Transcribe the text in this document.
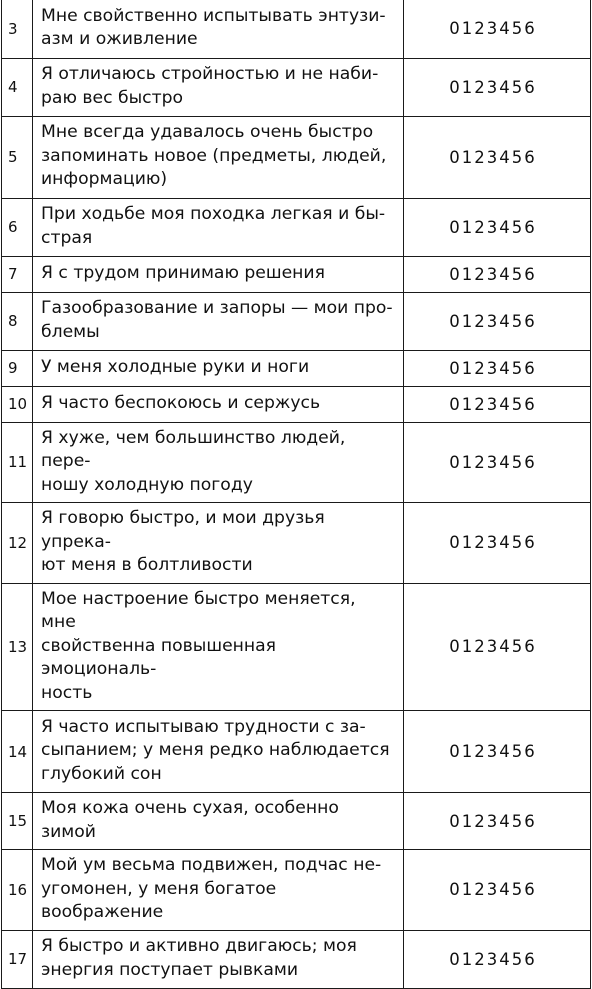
3	Мне свойственно испытывать энтузи-
азм и оживление	0123456
4	Я отличаюсь стройностью и не наби-
раю вес быстро	0123456
5	Мне всегда удавалось очень быстро
запоминать новое (предметы, людей,
информацию)	0123456
6	При ходьбе моя походка легкая и бы-
страя	0123456
7	Я с трудом принимаю решения	0123456
8	Газообразование и запоры — мои про-
блемы	0123456
9	У меня холодные руки и ноги	0123456
10	Я часто беспокоюсь и сержусь	0123456
11	Я хуже, чем большинство людей, пере-
ношу холодную погоду	0123456
12	Я говорю быстро, и мои друзья упрека-
ют меня в болтливости	0123456
13	Мое настроение быстро меняется, мне
свойственна повышенная эмоциональ-
ность	0123456
14	Я часто испытываю трудности с за-
сыпанием; у меня редко наблюдается
глубокий сон	0123456
15	Моя кожа очень сухая, особенно зимой	0123456
16	Мой ум весьма подвижен, подчас не-
угомонен, у меня богатое воображение	0123456
17	Я быстро и активно двигаюсь; моя
энергия поступает рывками	0123456
